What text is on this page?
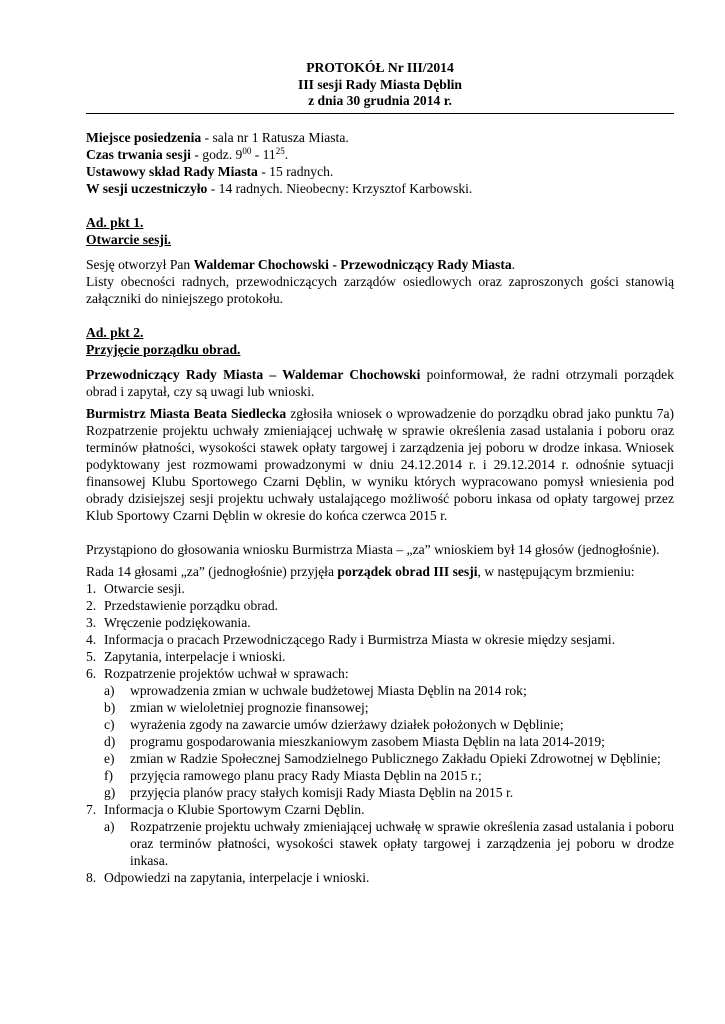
PROTOKÓŁ Nr III/2014
III sesji Rady Miasta Dęblin
z dnia 30 grudnia 2014 r.
Miejsce posiedzenia - sala nr 1 Ratusza Miasta.
Czas trwania sesji - godz. $9^{00} - 11^{25}$.
Ustawowy skład Rady Miasta - 15 radnych.
W sesji uczestniczyło - 14 radnych. Nieobecny: Krzysztof Karbowski.
Ad. pkt 1.
Otwarcie sesji.
Sesję otworzył Pan Waldemar Chochowski - Przewodniczący Rady Miasta.
Listy obecności radnych, przewodniczących zarządów osiedlowych oraz zaproszonych gości stanowią załączniki do niniejszego protokołu.
Ad. pkt 2.
Przyjęcie porządku obrad.
Przewodniczący Rady Miasta – Waldemar Chochowski poinformował, że radni otrzymali porządek obrad i zapytał, czy są uwagi lub wnioski.
Burmistrz Miasta Beata Siedlecka zgłosiła wniosek o wprowadzenie do porządku obrad jako punktu 7a) Rozpatrzenie projektu uchwały zmieniającej uchwałę w sprawie określenia zasad ustalania i poboru oraz terminów płatności, wysokości stawek opłaty targowej i zarządzenia jej poboru w drodze inkasa. Wniosek podyktowany jest rozmowami prowadzonymi w dniu 24.12.2014 r. i 29.12.2014 r. odnośnie sytuacji finansowej Klubu Sportowego Czarni Dęblin, w wyniku których wypracowano pomysł wniesienia pod obrady dzisiejszej sesji projektu uchwały ustalającego możliwość poboru inkasa od opłaty targowej przez Klub Sportowy Czarni Dęblin w okresie do końca czerwca 2015 r.
Przystąpiono do głosowania wniosku Burmistrza Miasta – „za” wnioskiem był 14 głosów (jednogłośnie).
Rada 14 głosami „za” (jednogłośnie) przyjęła porządek obrad III sesji, w następującym brzmieniu:
1. Otwarcie sesji.
2. Przedstawienie porządku obrad.
3. Wręczenie podziękowania.
4. Informacja o pracach Przewodniczącego Rady i Burmistrza Miasta w okresie między sesjami.
5. Zapytania, interpelacje i wnioski.
6. Rozpatrzenie projektów uchwał w sprawach:
a) wprowadzenia zmian w uchwale budżetowej Miasta Dęblin na 2014 rok;
b) zmian w wieloletniej prognozie finansowej;
c) wyrażenia zgody na zawarcie umów dzierżawy działek położonych w Dęblinie;
d) programu gospodarowania mieszkaniowym zasobem Miasta Dęblin na lata 2014-2019;
e) zmian w Radzie Społecznej Samodzielnego Publicznego Zakładu Opieki Zdrowotnej w Dęblinie;
f) przyjęcia ramowego planu pracy Rady Miasta Dęblin na 2015 r.;
g) przyjęcia planów pracy stałych komisji Rady Miasta Dęblin na 2015 r.
7. Informacja o Klubie Sportowym Czarni Dęblin.
a) Rozpatrzenie projektu uchwały zmieniającej uchwałę w sprawie określenia zasad ustalania i poboru oraz terminów płatności, wysokości stawek opłaty targowej i zarządzenia jej poboru w drodze inkasa.
8. Odpowiedzi na zapytania, interpelacje i wnioski.
